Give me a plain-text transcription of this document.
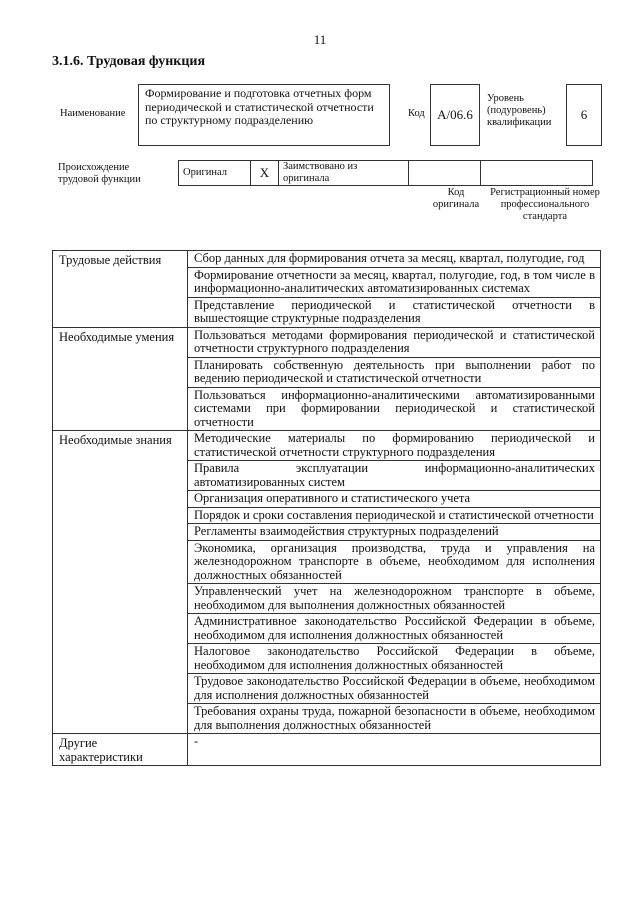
11
3.1.6. Трудовая функция
Наименование
Формирование и подготовка отчетных форм периодической и статистической отчетности по структурному подразделению	Код А/06.6
Уровень (подуровень) квалификации
6
Происхождение трудовой функции
Оригинал	X	Заимствовано из оригинала		
Код оригинала
Регистрационный номер профессионального стандарта
Трудовые действия	Сбор данных для формирования отчета за месяц, квартал, полугодие, год
	Формирование отчетности за месяц, квартал, полугодие, год, в том числе в информационно-аналитических автоматизированных системах
	Представление периодической и статистической отчетности в вышестоящие структурные подразделения
Необходимые умения	Пользоваться методами формирования периодической и статистической отчетности структурного подразделения
	Планировать собственную деятельность при выполнении работ по ведению периодической и статистической отчетности
	Пользоваться информационно-аналитическими автоматизированными системами при формировании периодической и статистической отчетности
Необходимые знания	Методические материалы по формированию периодической и статистической отчетности структурного подразделения
	Правила эксплуатации информационно-аналитических автоматизированных систем
	Организация оперативного и статистического учета
	Порядок и сроки составления периодической и статистической отчетности
	Регламенты взаимодействия структурных подразделений
	Экономика, организация производства, труда и управления на железнодорожном транспорте в объеме, необходимом для исполнения должностных обязанностей
	Управленческий учет на железнодорожном транспорте в объеме, необходимом для выполнения должностных обязанностей
	Административное законодательство Российской Федерации в объеме, необходимом для исполнения должностных обязанностей
	Налоговое законодательство Российской Федерации в объеме, необходимом для исполнения должностных обязанностей
	Трудовое законодательство Российской Федерации в объеме, необходимом для исполнения должностных обязанностей
	Требования охраны труда, пожарной безопасности в объеме, необходимом для выполнения должностных обязанностей
Другие характеристики	-
